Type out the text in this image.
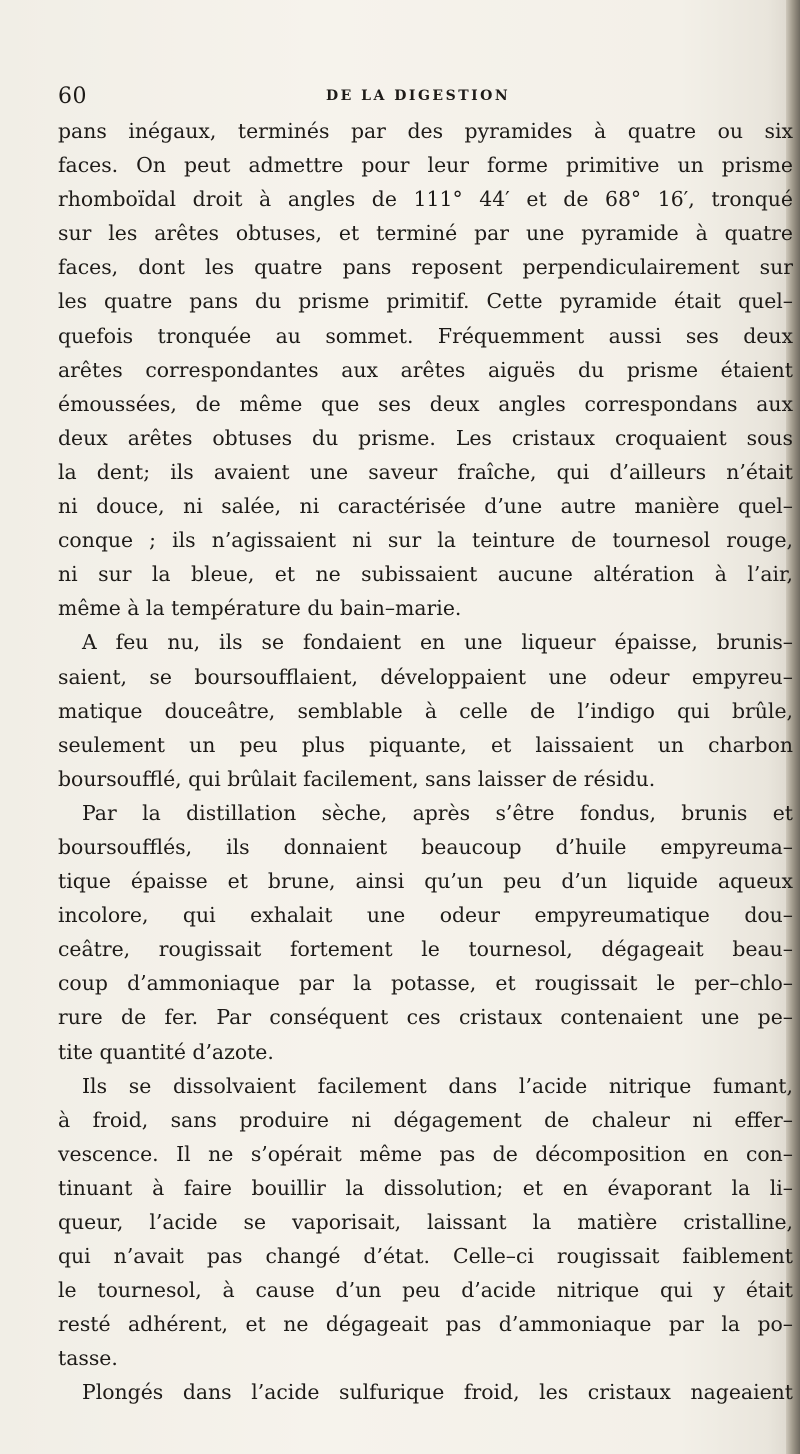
60	DE LA DIGESTION
pans inégaux, terminés par des pyramides à quatre ou six
faces. On peut admettre pour leur forme primitive un prisme
rhomboïdal droit à angles de 111° 44′ et de 68° 16′, tronqué
sur les arêtes obtuses, et terminé par une pyramide à quatre
faces, dont les quatre pans reposent perpendiculairement sur
les quatre pans du prisme primitif. Cette pyramide était quel–
quefois tronquée au sommet. Fréquemment aussi ses deux
arêtes correspondantes aux arêtes aiguës du prisme étaient
émoussées, de même que ses deux angles correspondans aux
deux arêtes obtuses du prisme. Les cristaux croquaient sous
la dent; ils avaient une saveur fraîche, qui d’ailleurs n’était
ni douce, ni salée, ni caractérisée d’une autre manière quel–
conque ; ils n’agissaient ni sur la teinture de tournesol rouge,
ni sur la bleue, et ne subissaient aucune altération à l’air,
même à la température du bain–marie.
A feu nu, ils se fondaient en une liqueur épaisse, brunis–
saient, se boursoufflaient, développaient une odeur empyreu–
matique douceâtre, semblable à celle de l’indigo qui brûle,
seulement un peu plus piquante, et laissaient un charbon
boursoufflé, qui brûlait facilement, sans laisser de résidu.
Par la distillation sèche, après s’être fondus, brunis et
boursoufflés, ils donnaient beaucoup d’huile empyreuma–
tique épaisse et brune, ainsi qu’un peu d’un liquide aqueux
incolore, qui exhalait une odeur empyreumatique dou–
ceâtre, rougissait fortement le tournesol, dégageait beau–
coup d’ammoniaque par la potasse, et rougissait le per–chlo–
rure de fer. Par conséquent ces cristaux contenaient une pe–
tite quantité d’azote.
Ils se dissolvaient facilement dans l’acide nitrique fumant,
à froid, sans produire ni dégagement de chaleur ni effer–
vescence. Il ne s’opérait même pas de décomposition en con–
tinuant à faire bouillir la dissolution; et en évaporant la li–
queur, l’acide se vaporisait, laissant la matière cristalline,
qui n’avait pas changé d’état. Celle–ci rougissait faiblement
le tournesol, à cause d’un peu d’acide nitrique qui y était
resté adhérent, et ne dégageait pas d’ammoniaque par la po–
tasse.
Plongés dans l’acide sulfurique froid, les cristaux nageaient
